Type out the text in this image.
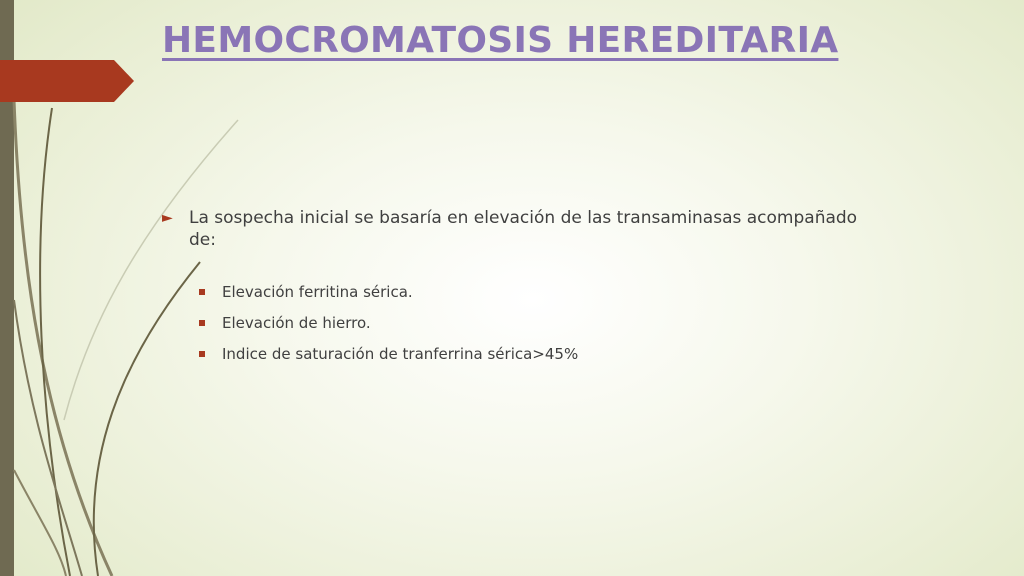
HEMOCROMATOSIS HEREDITARIA
► La sospecha inicial se basaría en elevación de las transaminasas acompañado de:
Elevación ferritina sérica.
Elevación de hierro.
Indice de saturación de tranferrina sérica>45%
